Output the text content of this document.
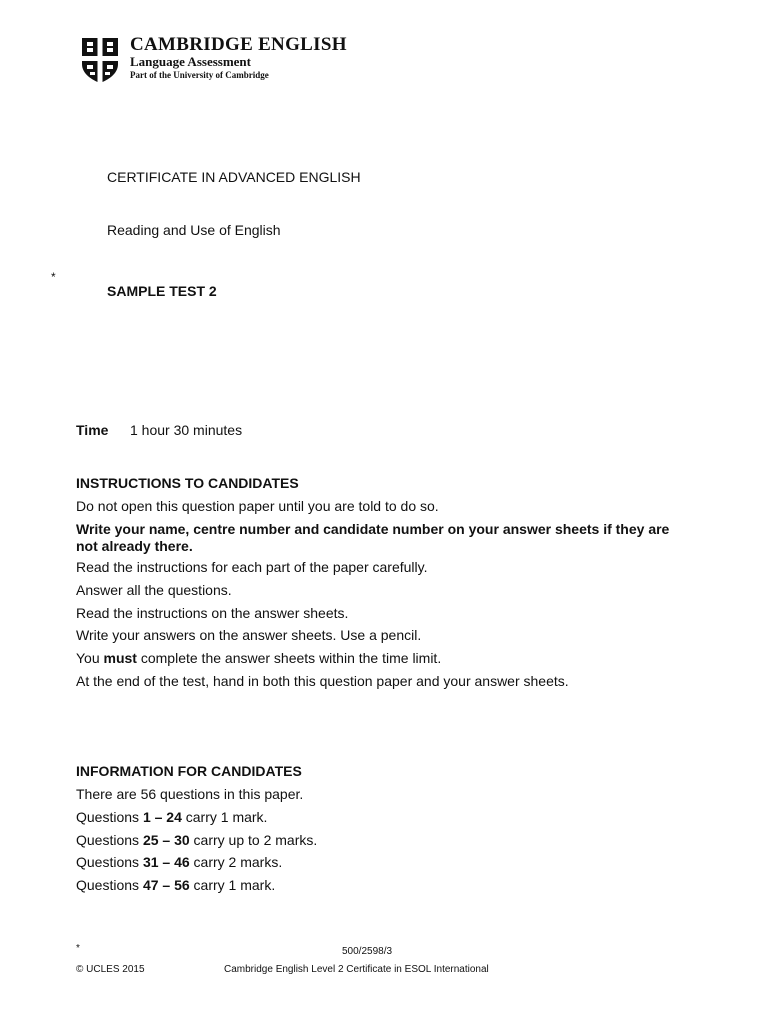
CAMBRIDGE ENGLISH
Language Assessment
Part of the University of Cambridge
CERTIFICATE IN ADVANCED ENGLISH
Reading and Use of English
*
SAMPLE TEST 2
Time 1 hour 30 minutes
INSTRUCTIONS TO CANDIDATES
Do not open this question paper until you are told to do so.
Write your name, centre number and candidate number on your answer sheets if they are not already there.
Read the instructions for each part of the paper carefully.
Answer all the questions.
Read the instructions on the answer sheets.
Write your answers on the answer sheets. Use a pencil.
You must complete the answer sheets within the time limit.
At the end of the test, hand in both this question paper and your answer sheets.
INFORMATION FOR CANDIDATES
There are 56 questions in this paper.
Questions 1 – 24 carry 1 mark.
Questions 25 – 30 carry up to 2 marks.
Questions 31 – 46 carry 2 marks.
Questions 47 – 56 carry 1 mark.
*	500/2598/3
© UCLES 2015	Cambridge English Level 2 Certificate in ESOL International
